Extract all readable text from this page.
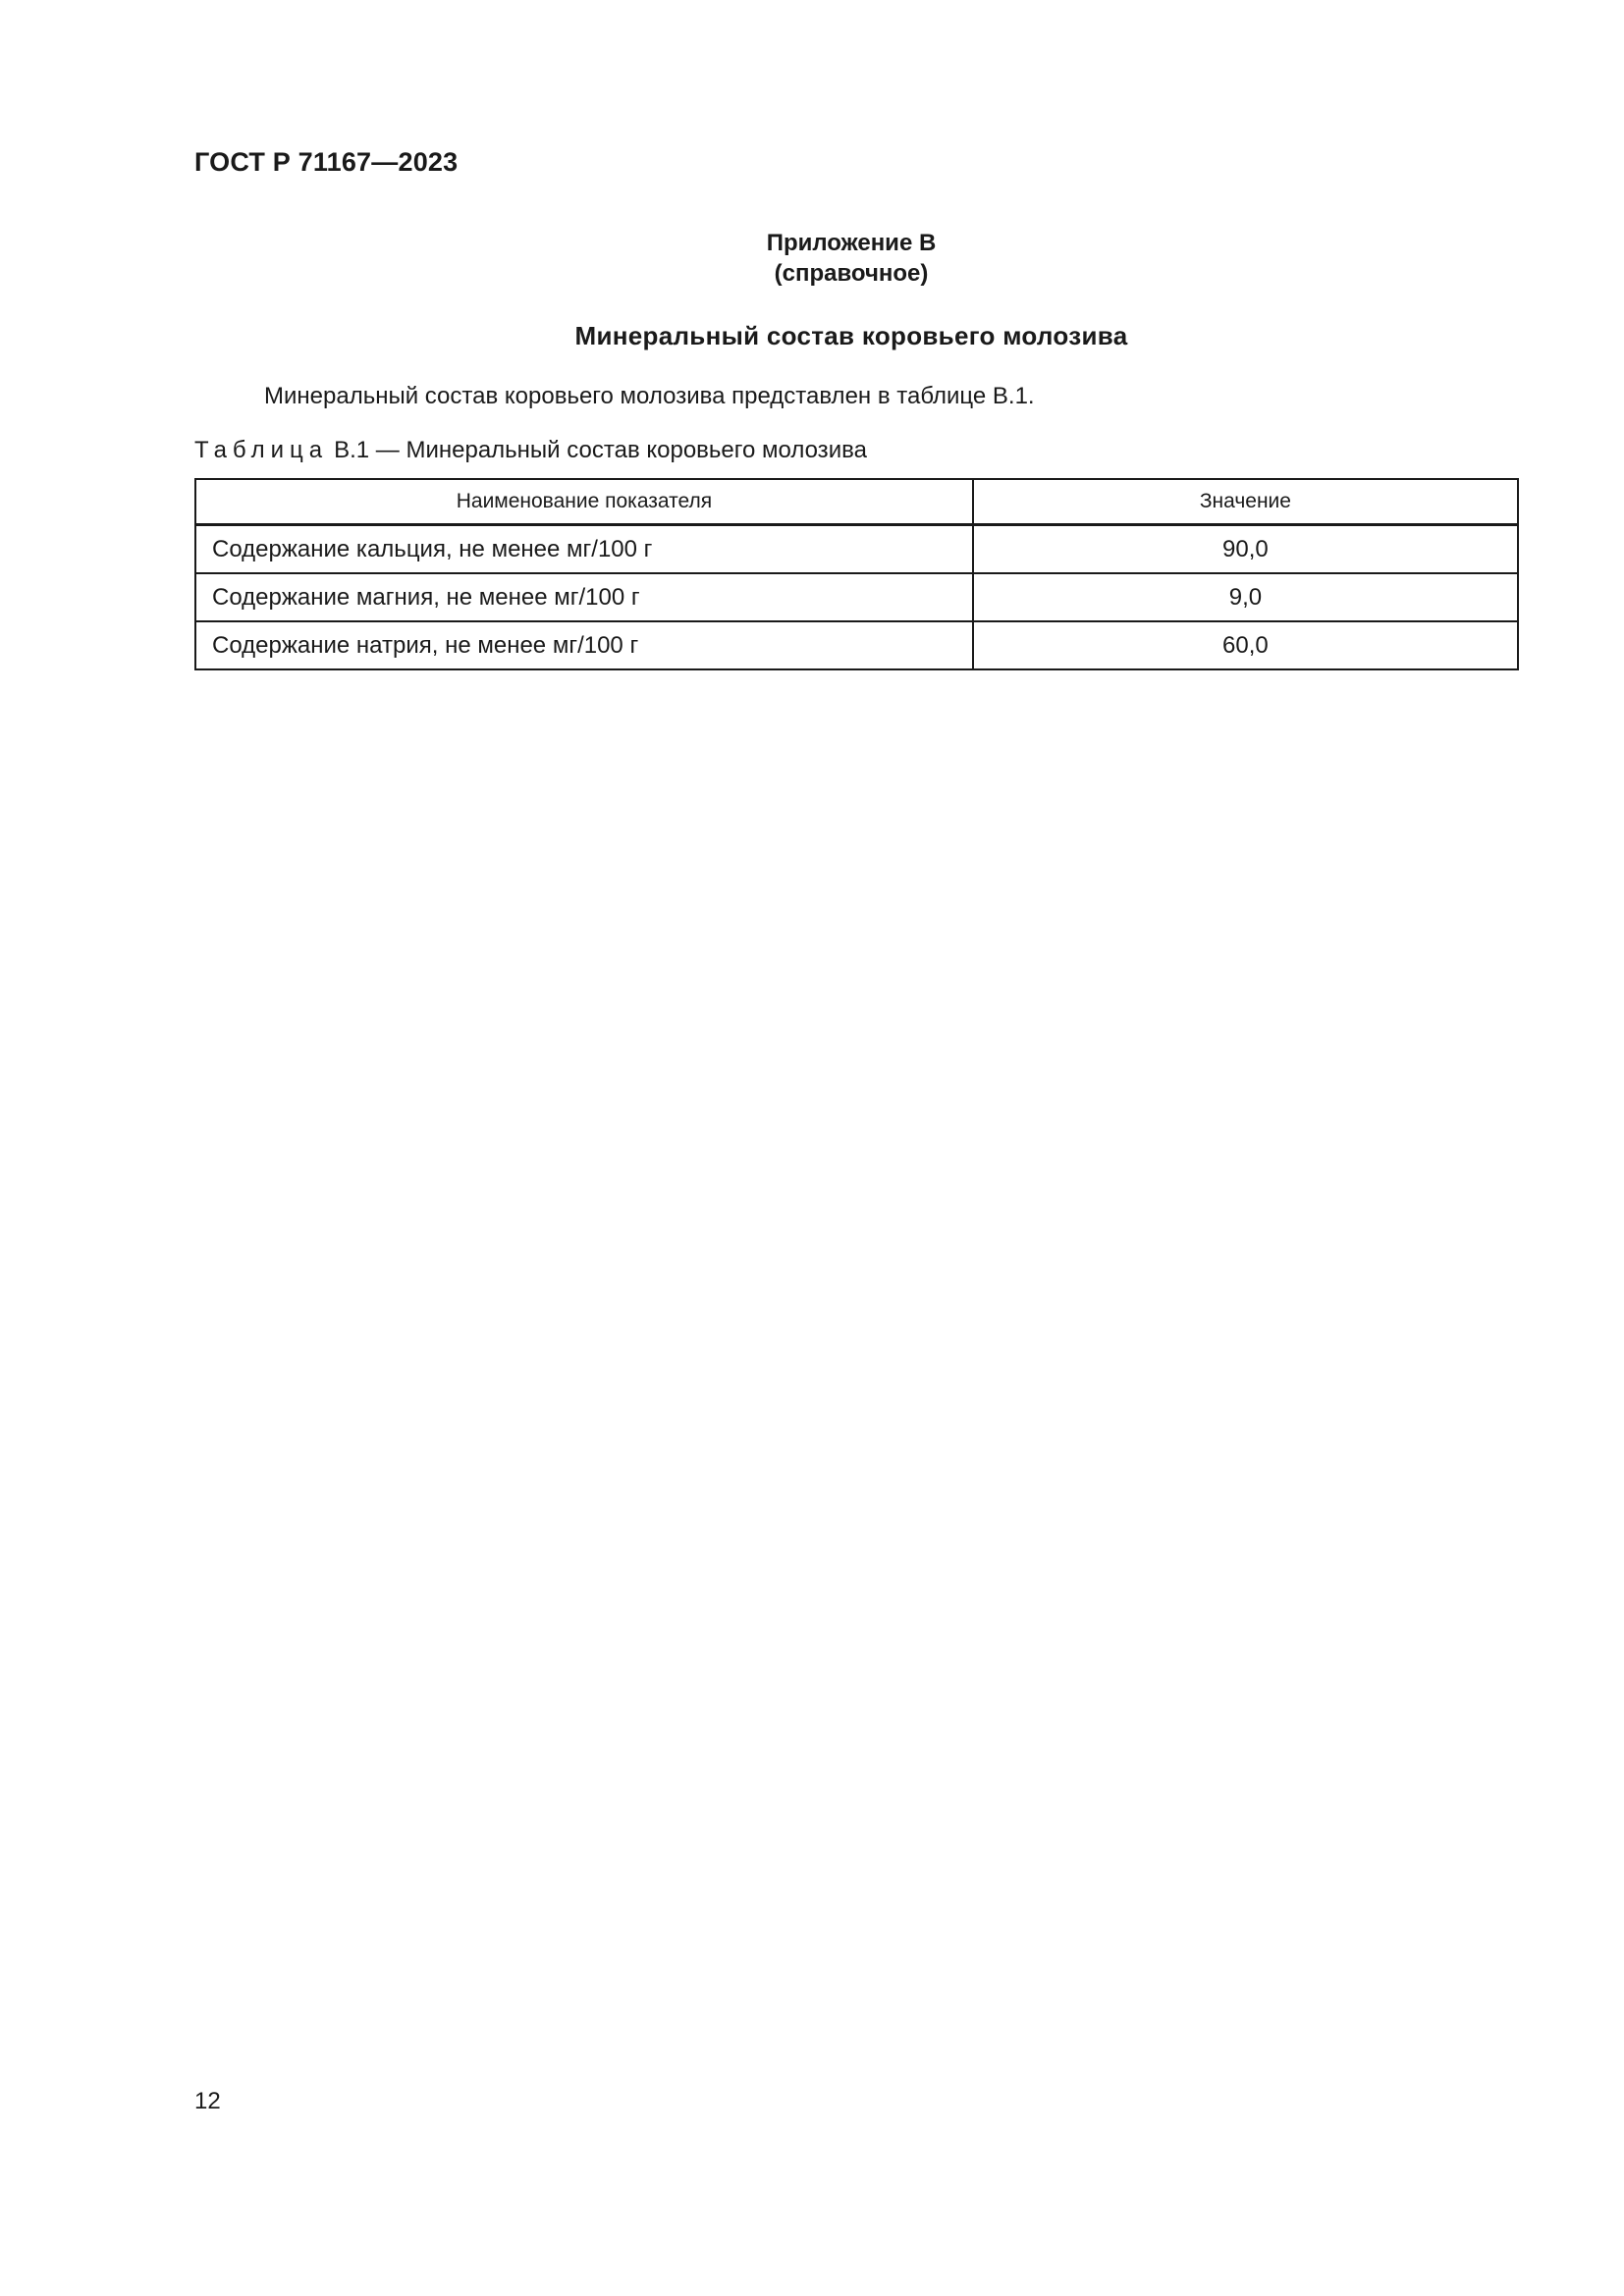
ГОСТ Р 71167—2023
Приложение В
(справочное)
Минеральный состав коровьего молозива
Минеральный состав коровьего молозива представлен в таблице В.1.
Таблица В.1 — Минеральный состав коровьего молозива
Наименование показателя	Значение
Содержание кальция, не менее мг/100 г	90,0
Содержание магния, не менее мг/100 г	9,0
Содержание натрия, не менее мг/100 г	60,0
12
